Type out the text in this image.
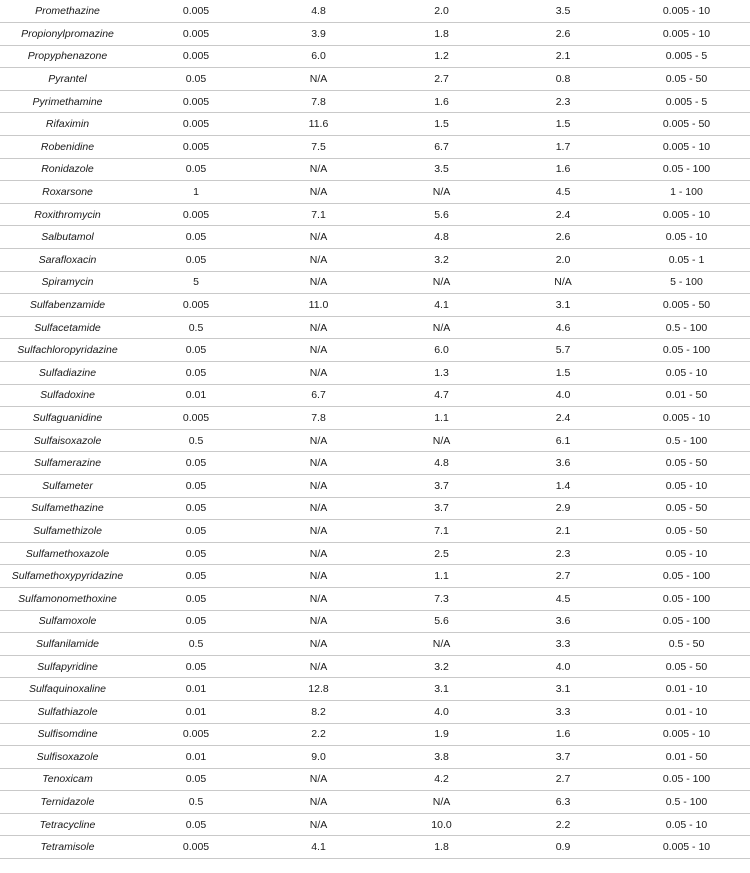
Promethazine	0.005	4.8	2.0	3.5	0.005 - 10
Propionylpromazine	0.005	3.9	1.8	2.6	0.005 - 10
Propyphenazone	0.005	6.0	1.2	2.1	0.005 - 5
Pyrantel	0.05	N/A	2.7	0.8	0.05 - 50
Pyrimethamine	0.005	7.8	1.6	2.3	0.005 - 5
Rifaximin	0.005	11.6	1.5	1.5	0.005 - 50
Robenidine	0.005	7.5	6.7	1.7	0.005 - 10
Ronidazole	0.05	N/A	3.5	1.6	0.05 - 100
Roxarsone	1	N/A	N/A	4.5	1 - 100
Roxithromycin	0.005	7.1	5.6	2.4	0.005 - 10
Salbutamol	0.05	N/A	4.8	2.6	0.05 - 10
Sarafloxacin	0.05	N/A	3.2	2.0	0.05 - 1
Spiramycin	5	N/A	N/A	N/A	5 - 100
Sulfabenzamide	0.005	11.0	4.1	3.1	0.005 - 50
Sulfacetamide	0.5	N/A	N/A	4.6	0.5 - 100
Sulfachloropyridazine	0.05	N/A	6.0	5.7	0.05 - 100
Sulfadiazine	0.05	N/A	1.3	1.5	0.05 - 10
Sulfadoxine	0.01	6.7	4.7	4.0	0.01 - 50
Sulfaguanidine	0.005	7.8	1.1	2.4	0.005 - 10
Sulfaisoxazole	0.5	N/A	N/A	6.1	0.5 - 100
Sulfamerazine	0.05	N/A	4.8	3.6	0.05 - 50
Sulfameter	0.05	N/A	3.7	1.4	0.05 - 10
Sulfamethazine	0.05	N/A	3.7	2.9	0.05 - 50
Sulfamethizole	0.05	N/A	7.1	2.1	0.05 - 50
Sulfamethoxazole	0.05	N/A	2.5	2.3	0.05 - 10
Sulfamethoxypyridazine	0.05	N/A	1.1	2.7	0.05 - 100
Sulfamonomethoxine	0.05	N/A	7.3	4.5	0.05 - 100
Sulfamoxole	0.05	N/A	5.6	3.6	0.05 - 100
Sulfanilamide	0.5	N/A	N/A	3.3	0.5 - 50
Sulfapyridine	0.05	N/A	3.2	4.0	0.05 - 50
Sulfaquinoxaline	0.01	12.8	3.1	3.1	0.01 - 10
Sulfathiazole	0.01	8.2	4.0	3.3	0.01 - 10
Sulfisomdine	0.005	2.2	1.9	1.6	0.005 - 10
Sulfisoxazole	0.01	9.0	3.8	3.7	0.01 - 50
Tenoxicam	0.05	N/A	4.2	2.7	0.05 - 100
Ternidazole	0.5	N/A	N/A	6.3	0.5 - 100
Tetracycline	0.05	N/A	10.0	2.2	0.05 - 10
Tetramisole	0.005	4.1	1.8	0.9	0.005 - 10
